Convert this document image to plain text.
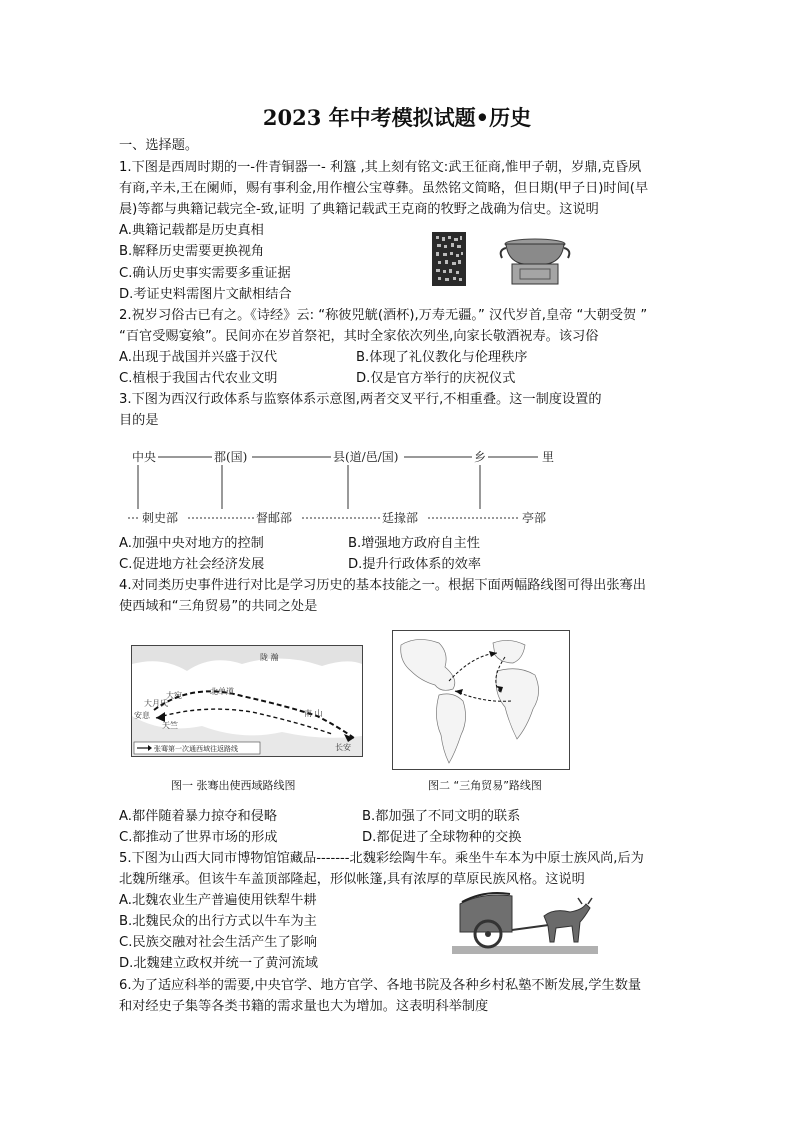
2023 年中考模拟试题•历史
一、选择题。
1.下图是西周时期的一-件青铜器一- 利簋 ,其上刻有铭文:武王征商,惟甲子朝，岁鼎,克昏夙
有商,辛未,王在阑师，赐有事利金,用作檀公宝尊彝。虽然铭文简略，但日期(甲子日)时间(早
晨)等都与典籍记载完全-致,证明 了典籍记载武王克商的牧野之战确为信史。这说明
A.典籍记载都是历史真相
B.解释历史需要更换视角
C.确认历史事实需要多重证据
D.考证史料需图片文献相结合
2.祝岁习俗古已有之。《诗经》云: “称彼兕觥(酒杯),万寿无疆。” 汉代岁首,皇帝 “大朝受贺 ”
“百官受赐宴飨”。民间亦在岁首祭祀，其时全家依次列坐,向家长敬酒祝寿。该习俗
A.出现于战国并兴盛于汉代	B.体现了礼仪教化与伦理秩序
C.植根于我国古代农业文明	D.仅是官方举行的庆祝仪式
3.下图为西汉行政体系与监察体系示意图,两者交叉平行,不相重叠。这一制度设置的
目的是
中央	郡(国)	县(道/邑/国)	乡	里
刺史部	督邮部	廷掾部	亭部
A.加强中央对地方的控制	B.增强地方政府自主性
C.促进地方社会经济发展	D.提升行政体系的效率
4.对同类历史事件进行对比是学习历史的基本技能之一。根据下面两幅路线图可得出张骞出
使西域和“三角贸易”的共同之处是
陇 瀚
北单道
大宛
大月氏
安息
天竺
长安
南 山
张骞第一次通西域往返路线
图一 张骞出使西域路线图	图二 “三角贸易”路线图
A.都伴随着暴力掠夺和侵略	B.都加强了不同文明的联系
C.都推动了世界市场的形成	D.都促进了全球物种的交换
5.下图为山西大同市博物馆馆藏品-------北魏彩绘陶牛车。乘坐牛车本为中原士族风尚,后为
北魏所继承。但该牛车盖顶部隆起，形似帐篷,具有浓厚的草原民族风格。这说明
A.北魏农业生产普遍使用铁犁牛耕
B.北魏民众的出行方式以牛车为主
C.民族交融对社会生活产生了影响
D.北魏建立政权并统一了黄河流域
6.为了适应科举的需要,中央官学、地方官学、各地书院及各种乡村私塾不断发展,学生数量
和对经史子集等各类书籍的需求量也大为增加。这表明科举制度
